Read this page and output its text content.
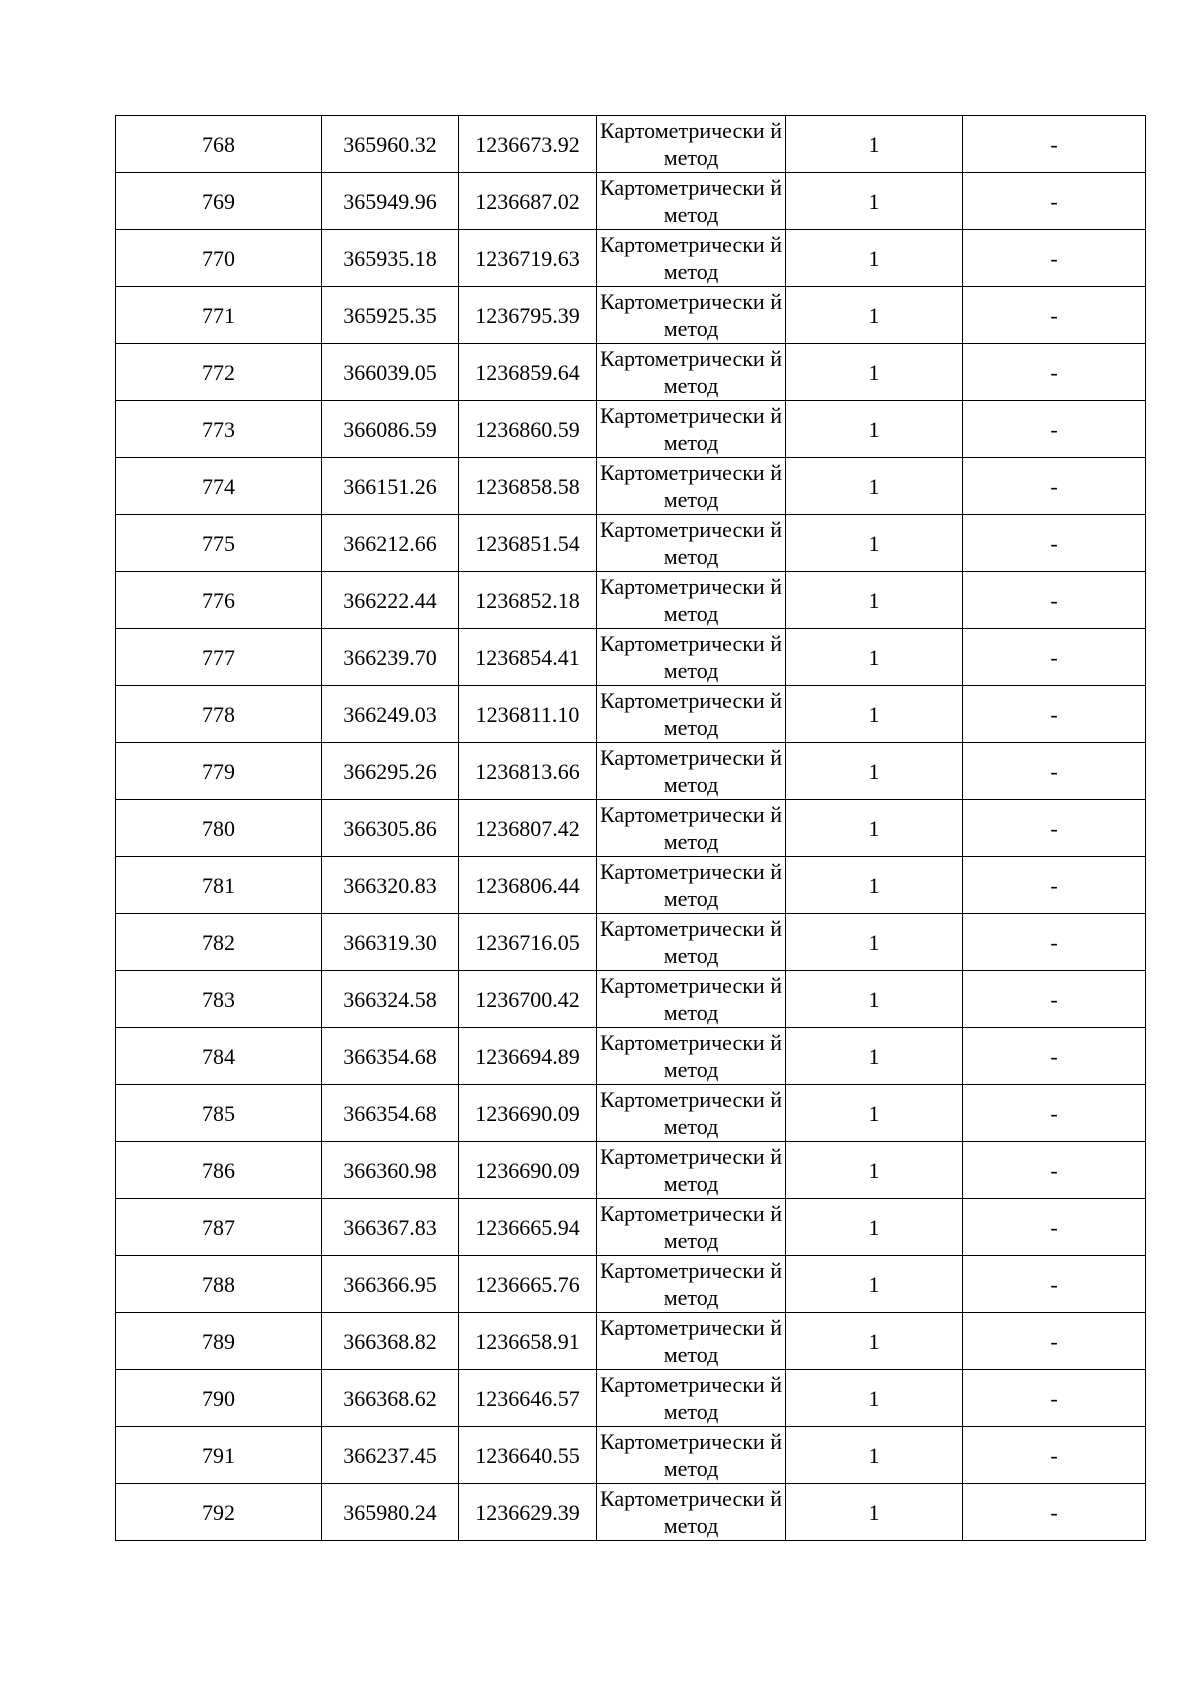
768	365960.32	1236673.92	Картометрически й метод	1	-
769	365949.96	1236687.02	Картометрически й метод	1	-
770	365935.18	1236719.63	Картометрически й метод	1	-
771	365925.35	1236795.39	Картометрически й метод	1	-
772	366039.05	1236859.64	Картометрически й метод	1	-
773	366086.59	1236860.59	Картометрически й метод	1	-
774	366151.26	1236858.58	Картометрически й метод	1	-
775	366212.66	1236851.54	Картометрически й метод	1	-
776	366222.44	1236852.18	Картометрически й метод	1	-
777	366239.70	1236854.41	Картометрически й метод	1	-
778	366249.03	1236811.10	Картометрически й метод	1	-
779	366295.26	1236813.66	Картометрически й метод	1	-
780	366305.86	1236807.42	Картометрически й метод	1	-
781	366320.83	1236806.44	Картометрически й метод	1	-
782	366319.30	1236716.05	Картометрически й метод	1	-
783	366324.58	1236700.42	Картометрически й метод	1	-
784	366354.68	1236694.89	Картометрически й метод	1	-
785	366354.68	1236690.09	Картометрически й метод	1	-
786	366360.98	1236690.09	Картометрически й метод	1	-
787	366367.83	1236665.94	Картометрически й метод	1	-
788	366366.95	1236665.76	Картометрически й метод	1	-
789	366368.82	1236658.91	Картометрически й метод	1	-
790	366368.62	1236646.57	Картометрически й метод	1	-
791	366237.45	1236640.55	Картометрически й метод	1	-
792	365980.24	1236629.39	Картометрически й метод	1	-
